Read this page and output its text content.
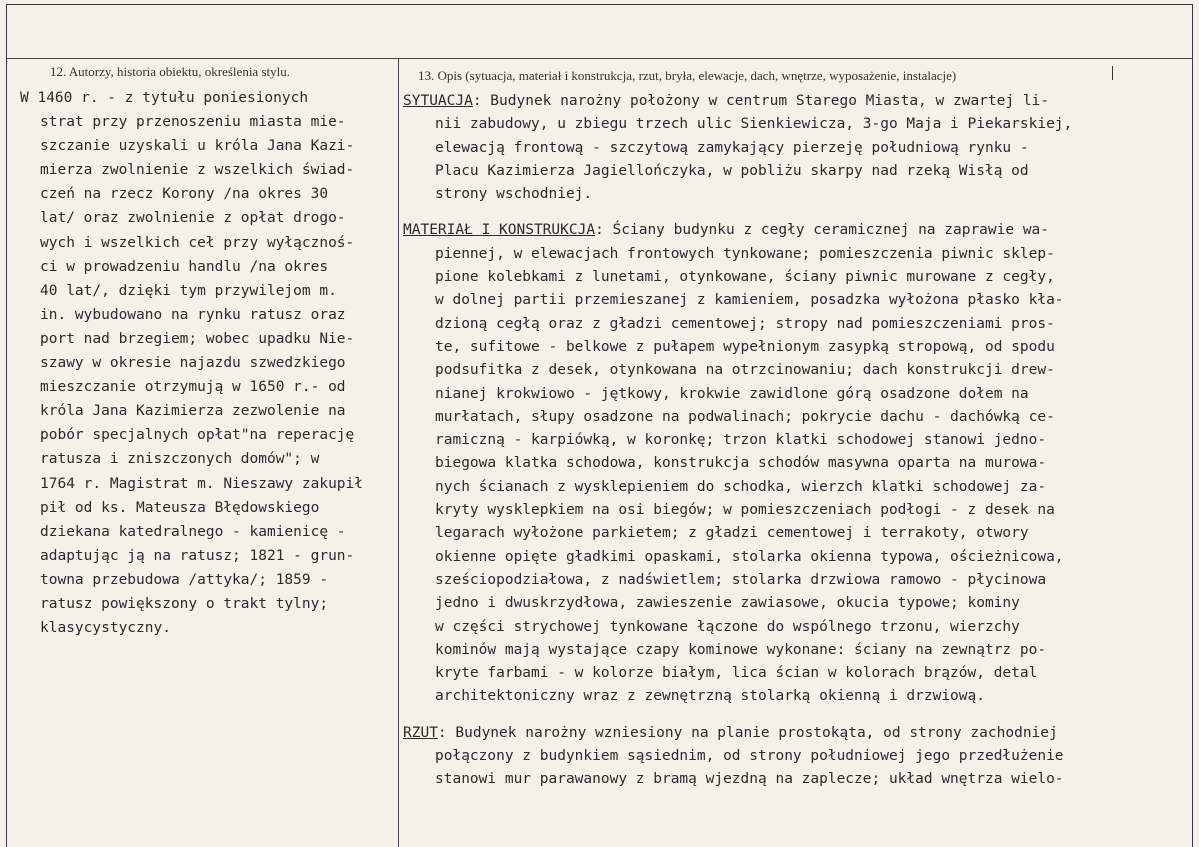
12. Autorzy, historia obiektu, określenia stylu.	13. Opis (sytuacja, materiał i konstrukcja, rzut, bryła, elewacje, dach, wnętrze, wyposażenie, instalacje)
W 1460 r. - z tytułu poniesionych
strat przy przenoszeniu miasta mie-
szczanie uzyskali u króla Jana Kazi-
mierza zwolnienie z wszelkich świad-
czeń na rzecz Korony /na okres 30
lat/ oraz zwolnienie z opłat drogo-
wych i wszelkich ceł przy wyłącznoś-
ci w prowadzeniu handlu /na okres
40 lat/, dzięki tym przywilejom m.
in. wybudowano na rynku ratusz oraz
port nad brzegiem; wobec upadku Nie-
szawy w okresie najazdu szwedzkiego
mieszczanie otrzymują w 1650 r.- od
króla Jana Kazimierza zezwolenie na
pobór specjalnych opłat"na reperację
ratusza i zniszczonych domów"; w
1764 r. Magistrat m. Nieszawy zakupił
pił od ks. Mateusza Błędowskiego
dziekana katedralnego - kamienicę -
adaptując ją na ratusz; 1821 - grun-
towna przebudowa /attyka/; 1859 -
ratusz powiększony o trakt tylny;
klasycystyczny.
SYTUACJA: Budynek narożny położony w centrum Starego Miasta, w zwartej li-
nii zabudowy, u zbiegu trzech ulic Sienkiewicza, 3-go Maja i Piekarskiej,
elewacją frontową - szczytową zamykający pierzeję południową rynku -
Placu Kazimierza Jagiellończyka, w pobliżu skarpy nad rzeką Wisłą od
strony wschodniej.
MATERIAŁ I KONSTRUKCJA: Ściany budynku z cegły ceramicznej na zaprawie wa-
piennej, w elewacjach frontowych tynkowane; pomieszczenia piwnic sklep-
pione kolebkami z lunetami, otynkowane, ściany piwnic murowane z cegły,
w dolnej partii przemieszanej z kamieniem, posadzka wyłożona płasko kła-
dzioną cegłą oraz z gładzi cementowej; stropy nad pomieszczeniami pros-
te, sufitowe - belkowe z pułapem wypełnionym zasypką stropową, od spodu
podsufitka z desek, otynkowana na otrzcinowaniu; dach konstrukcji drew-
nianej krokwiowo - jętkowy, krokwie zawidlone górą osadzone dołem na
murłatach, słupy osadzone na podwalinach; pokrycie dachu - dachówką ce-
ramiczną - karpiówką, w koronkę; trzon klatki schodowej stanowi jedno-
biegowa klatka schodowa, konstrukcja schodów masywna oparta na murowa-
nych ścianach z wysklepieniem do schodka, wierzch klatki schodowej za-
kryty wysklepkiem na osi biegów; w pomieszczeniach podłogi - z desek na
legarach wyłożone parkietem; z gładzi cementowej i terrakoty, otwory
okienne opięte gładkimi opaskami, stolarka okienna typowa, ościeżnicowa,
sześciopodziałowa, z nadświetlem; stolarka drzwiowa ramowo - płycinowa
jedno i dwuskrzydłowa, zawieszenie zawiasowe, okucia typowe; kominy
w części strychowej tynkowane łączone do wspólnego trzonu, wierzchy
kominów mają wystające czapy kominowe wykonane: ściany na zewnątrz po-
kryte farbami - w kolorze białym, lica ścian w kolorach brązów, detal
architektoniczny wraz z zewnętrzną stolarką okienną i drzwiową.
RZUT: Budynek narożny wzniesiony na planie prostokąta, od strony zachodniej
połączony z budynkiem sąsiednim, od strony południowej jego przedłużenie
stanowi mur parawanowy z bramą wjezdną na zaplecze; układ wnętrza wielo-
